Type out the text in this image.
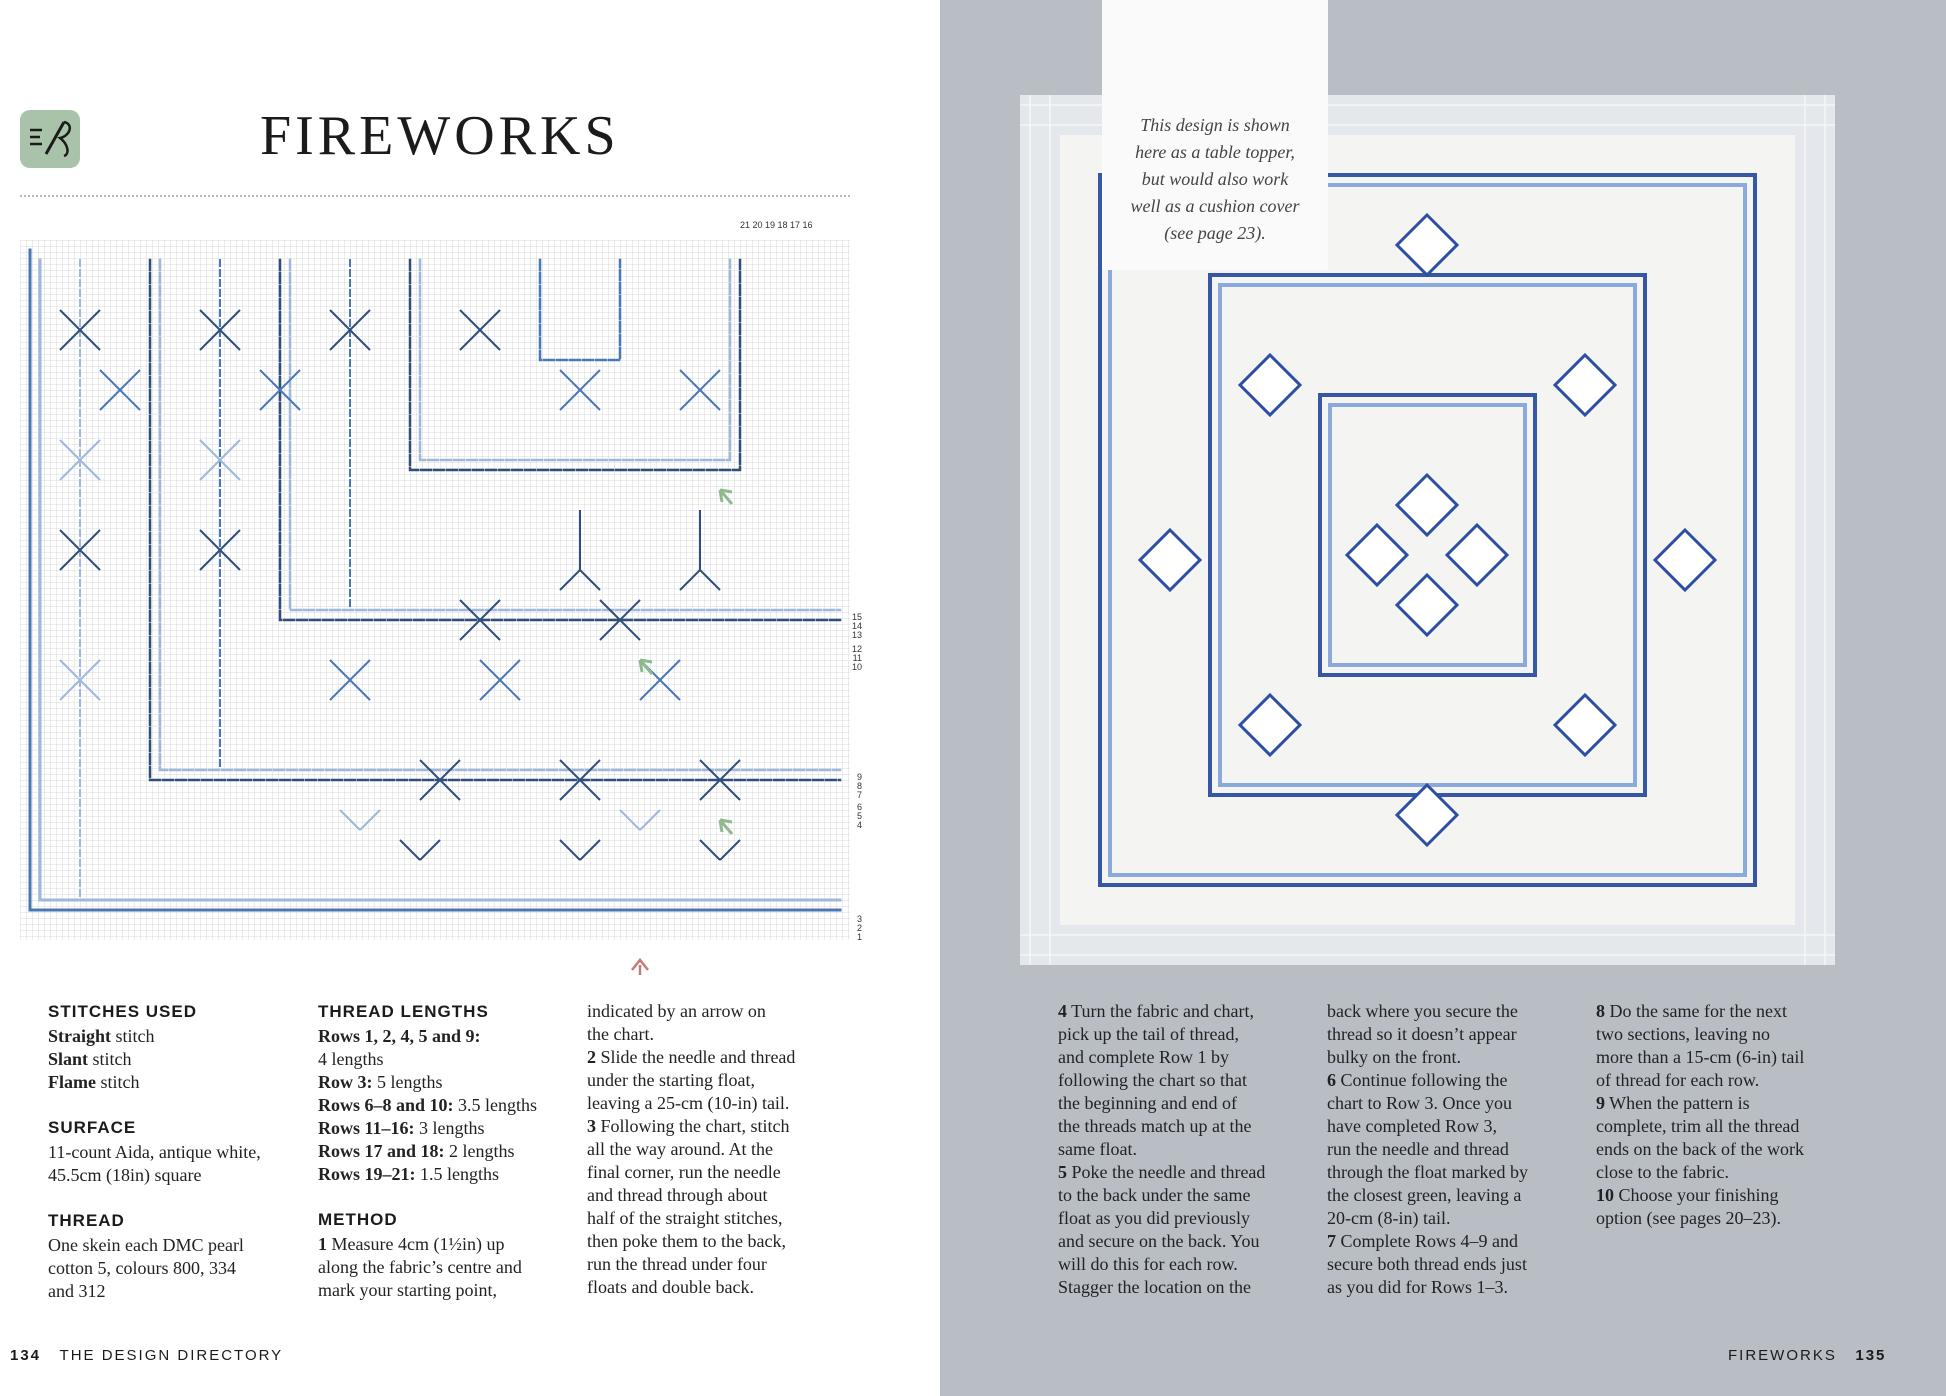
FIREWORKS
15
14
13
12
11
10
9
8
7
6
5
4
3
2
1
21 20 19 18 17 16
STITCHES USED

Straight stitch
Slant stitch
Flame stitch

SURFACE

11-count Aida, antique white,
45.5cm (18in) square

THREAD

One skein each DMC pearl
cotton 5, colours 800, 334
and 312

THREAD LENGTHS

Rows 1, 2, 4, 5 and 9:
4 lengths
Row 3: 5 lengths
Rows 6–8 and 10: 3.5 lengths
Rows 11–16: 3 lengths
Rows 17 and 18: 2 lengths
Rows 19–21: 1.5 lengths

METHOD

1 Measure 4cm (1½in) up
along the fabric’s centre and
mark your starting point,

indicated by an arrow on
the chart.
2 Slide the needle and thread
under the starting float,
leaving a 25-cm (10-in) tail.
3 Following the chart, stitch
all the way around. At the
final corner, run the needle
and thread through about
half of the straight stitches,
then poke them to the back,
run the thread under four
floats and double back.

134 THE DESIGN DIRECTORY
This design is shown
here as a table topper,
but would also work
well as a cushion cover
(see page 23).
4 Turn the fabric and chart,
pick up the tail of thread,
and complete Row 1 by
following the chart so that
the beginning and end of
the threads match up at the
same float.
5 Poke the needle and thread
to the back under the same
float as you did previously
and secure on the back. You
will do this for each row.
Stagger the location on the
back where you secure the
thread so it doesn’t appear
bulky on the front.
6 Continue following the
chart to Row 3. Once you
have completed Row 3,
run the needle and thread
through the float marked by
the closest green, leaving a
20-cm (8-in) tail.
7 Complete Rows 4–9 and
secure both thread ends just
as you did for Rows 1–3.
8 Do the same for the next
two sections, leaving no
more than a 15-cm (6-in) tail
of thread for each row.
9 When the pattern is
complete, trim all the thread
ends on the back of the work
close to the fabric.
10 Choose your finishing
option (see pages 20–23).
FIREWORKS 135
